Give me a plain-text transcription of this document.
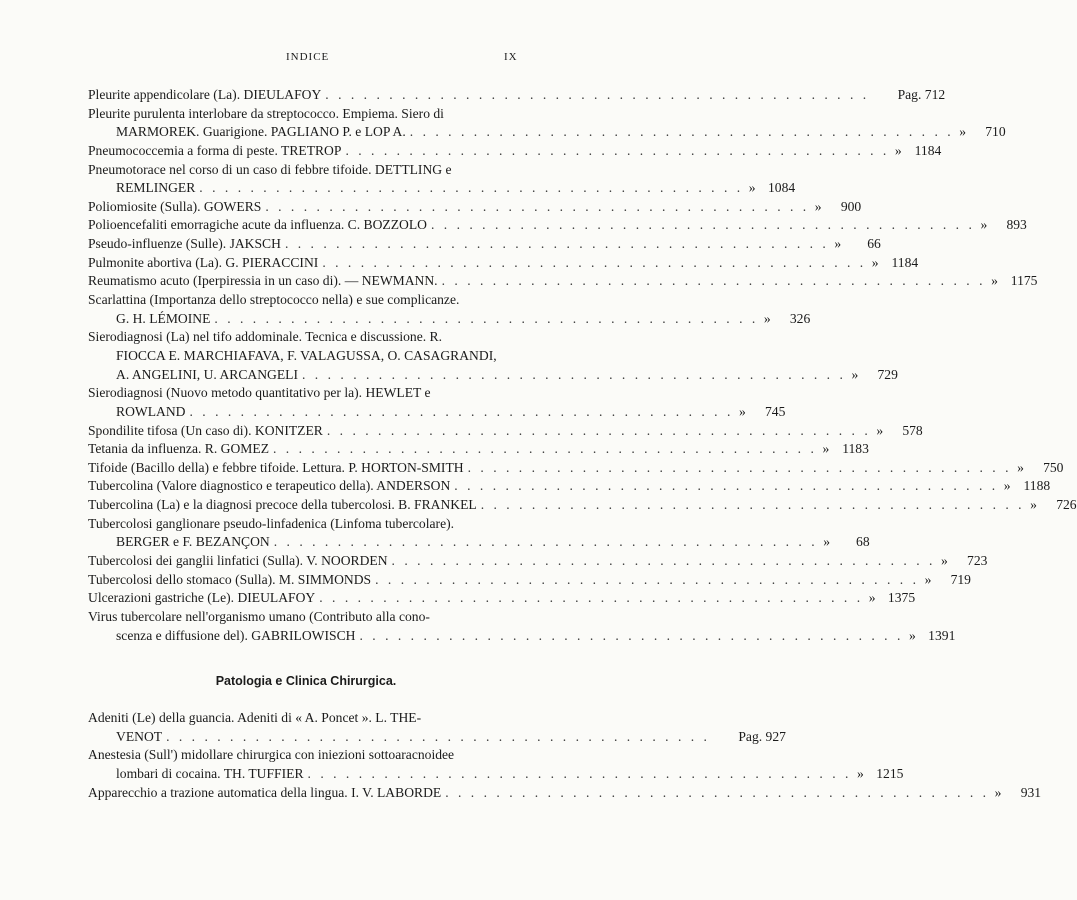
INDICE	IX
Pleurite appendicolare (La). DIEULAFOY . . .	Pag. 712
Pleurite purulenta interlobare da streptococco. Empiema. Siero di
MARMOREK. Guarigione. PAGLIANO P. e LOP A. . . .	»	710
Pneumococcemia a forma di peste. TRETROP . . .	» 1184
Pneumotorace nel corso di un caso di febbre tifoide. DETTLING e
REMLINGER . . .	» 1084
Poliomiosite (Sulla). GOWERS . . .	»	900
Polioencefaliti emorragiche acute da influenza. C. BOZZOLO . . .	»	893
Pseudo-influenze (Sulle). JAKSCH . . .	»	66
Pulmonite abortiva (La). G. PIERACCINI . . .	» 1184
Reumatismo acuto (Iperpiressia in un caso di). — NEWMANN. . . .	» 1175
Scarlattina (Importanza dello streptococco nella) e sue complicanze.
G. H. LÉMOINE . . .	»	326
Sierodiagnosi (La) nel tifo addominale. Tecnica e discussione. R.
FIOCCA E. MARCHIAFAVA, F. VALAGUSSA, O. CASAGRANDI,
A. ANGELINI, U. ARCANGELI . . .	»	729
Sierodiagnosi (Nuovo metodo quantitativo per la). HEWLET e
ROWLAND . . .	»	745
Spondilite tifosa (Un caso di). KONITZER . . .	»	578
Tetania da influenza. R. GOMEZ . . .	» 1183
Tifoide (Bacillo della) e febbre tifoide. Lettura. P. HORTON-SMITH . . .	»	750
Tubercolina (Valore diagnostico e terapeutico della). ANDERSON . . .	» 1188
Tubercolina (La) e la diagnosi precoce della tubercolosi. B. FRANKEL . . .	»	726
Tubercolosi ganglionare pseudo-linfadenica (Linfoma tubercolare).
BERGER e F. BEZANÇON . . .	»	68
Tubercolosi dei ganglii linfatici (Sulla). V. NOORDEN . . .	»	723
Tubercolosi dello stomaco (Sulla). M. SIMMONDS . . .	»	719
Ulcerazioni gastriche (Le). DIEULAFOY . . .	» 1375
Virus tubercolare nell'organismo umano (Contributo alla cono-
scenza e diffusione del). GABRILOWISCH . . .	» 1391
Patologia e Clinica Chirurgica.
Adeniti (Le) della guancia. Adeniti di « A. Poncet ». L. THE-
VENOT . . .	Pag. 927
Anestesia (Sull') midollare chirurgica con iniezioni sottoaracnoidee
lombari di cocaina. TH. TUFFIER . . .	» 1215
Apparecchio a trazione automatica della lingua. I. V. LABORDE . . .	»	931
